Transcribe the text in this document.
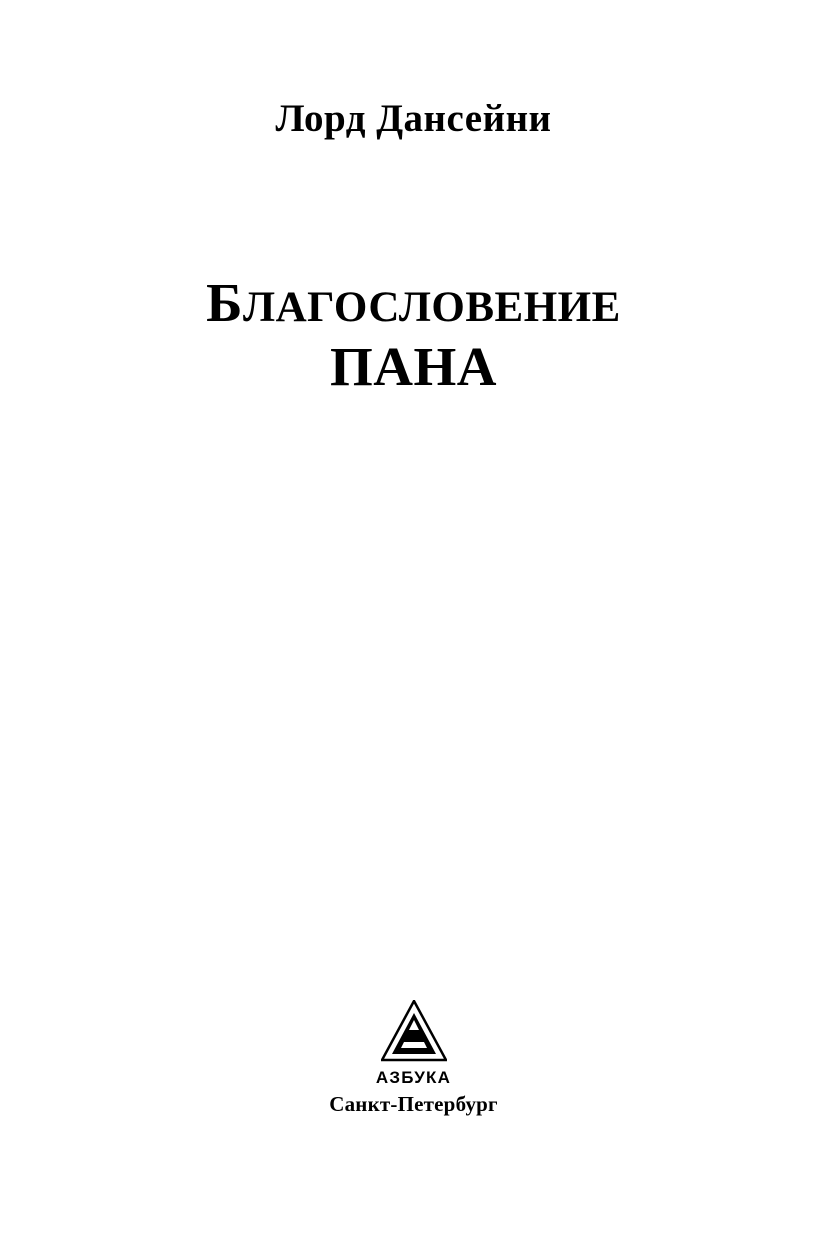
Лорд Дансейни
БЛАГОСЛОВЕНИЕ
ПАНА
АЗБУКА
Санкт-Петербург
